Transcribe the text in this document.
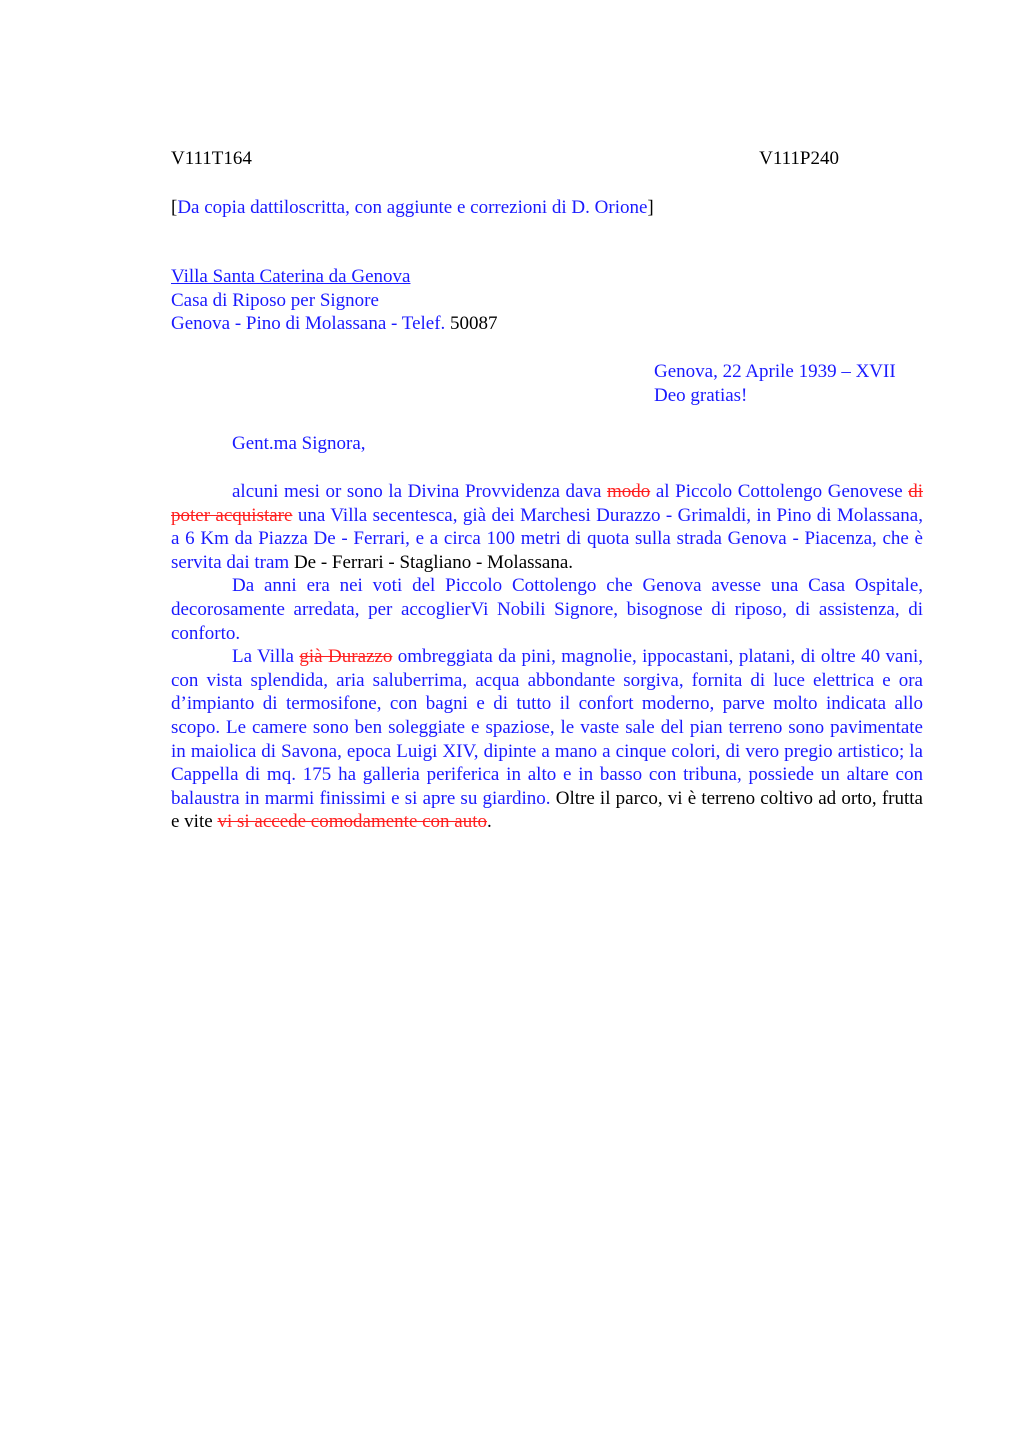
V111T164	V111P240
[Da copia dattiloscritta, con aggiunte e correzioni di D. Orione]
Villa Santa Caterina da Genova
Casa di Riposo per Signore
Genova - Pino di Molassana - Telef. 50087
Genova, 22 Aprile 1939 – XVII
Deo gratias!
Gent.ma Signora,

alcuni mesi or sono la Divina Provvidenza dava modo al Piccolo Cottolengo Genovese di poter acquistare una Villa secentesca, già dei Marchesi Durazzo - Grimaldi, in Pino di Molassana, a 6 Km da Piazza De - Ferrari, e a circa 100 metri di quota sulla strada Genova - Piacenza, che è servita dai tram De - Ferrari - Stagliano - Molassana.

Da anni era nei voti del Piccolo Cottolengo che Genova avesse una Casa Ospitale, decorosamente arredata, per accoglierVi Nobili Signore, bisognose di riposo, di assistenza, di conforto.

La Villa già Durazzo ombreggiata da pini, magnolie, ippocastani, platani, di oltre 40 vani, con vista splendida, aria saluberrima, acqua abbondante sorgiva, fornita di luce elettrica e ora d’impianto di termosifone, con bagni e di tutto il confort moderno, parve molto indicata allo scopo. Le camere sono ben soleggiate e spaziose, le vaste sale del pian terreno sono pavimentate in maiolica di Savona, epoca Luigi XIV, dipinte a mano a cinque colori, di vero pregio artistico; la Cappella di mq. 175 ha galleria periferica in alto e in basso con tribuna, possiede un altare con balaustra in marmi finissimi e si apre su giardino. Oltre il parco, vi è terreno coltivo ad orto, frutta e vite vi si accede comodamente con auto.
